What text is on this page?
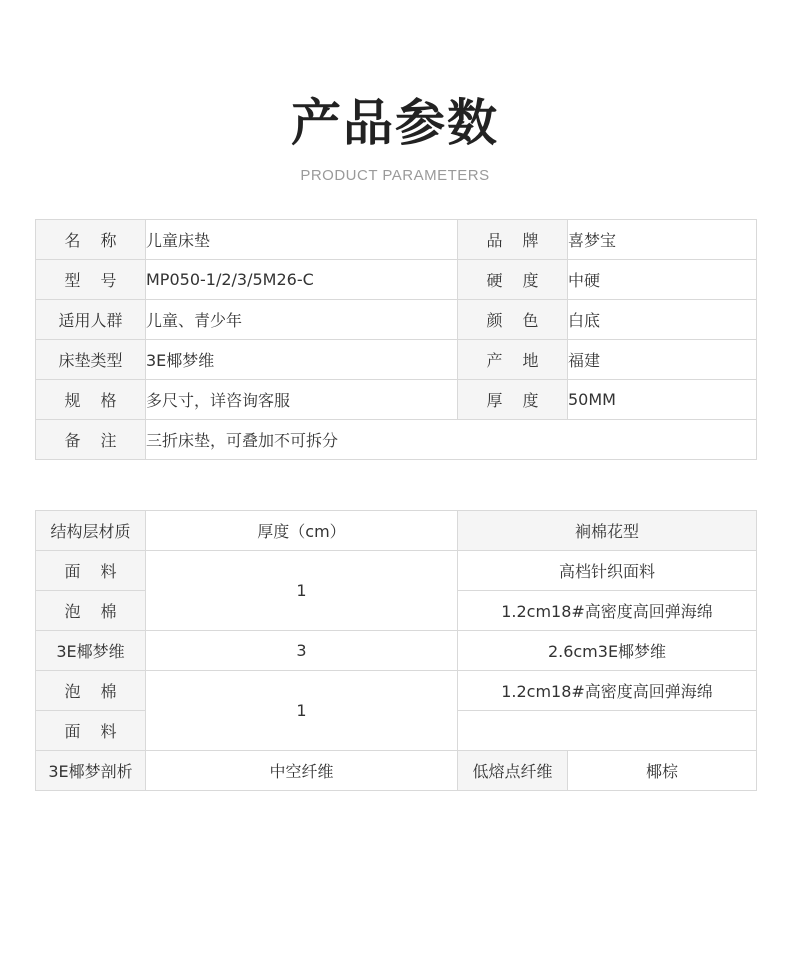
产品参数
PRODUCT PARAMETERS
名称	儿童床垫	品牌	喜梦宝
型号	MP050-1/2/3/5M26-C	硬度	中硬
适用人群	儿童、青少年	颜色	白底
床垫类型	3E椰梦维	产地	福建
规格	多尺寸，详咨询客服	厚度	50MM
备注	三折床垫，可叠加不可拆分		
结构层材质	厚度（cm）	裥棉花型	
面料	1	高档针织面料	
泡棉		1.2cm18#高密度高回弹海绵	
3E椰梦维	3	2.6cm3E椰梦维	
泡棉	1	1.2cm18#高密度高回弹海绵	
面料			
3E椰梦剖析	中空纤维	低熔点纤维	椰棕
